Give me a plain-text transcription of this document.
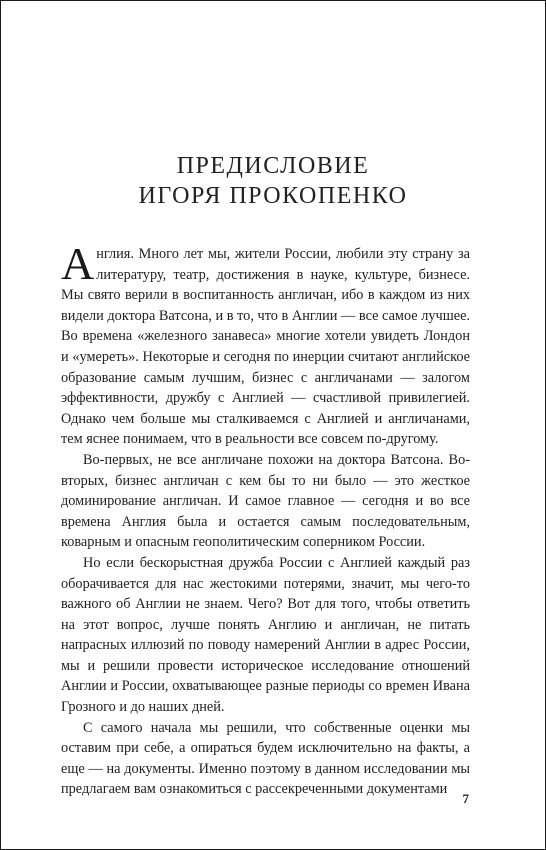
ПРЕДИСЛОВИЕ
ИГОРЯ ПРОКОПЕНКО

Англия. Много лет мы, жители России, любили эту страну за литературу, театр, достижения в науке, культуре, бизнесе. Мы свято верили в воспитанность англичан, ибо в каждом из них видели доктора Ватсона, и в то, что в Англии — все самое лучшее. Во времена «железного занавеса» многие хотели увидеть Лондон и «умереть». Некоторые и сегодня по инерции считают английское образование самым лучшим, бизнес с англичанами — залогом эффективности, дружбу с Англией — счастливой привилегией. Однако чем больше мы сталкиваемся с Англией и англичанами, тем яснее понимаем, что в реальности все совсем по-другому.

Во-первых, не все англичане похожи на доктора Ватсона. Во-вторых, бизнес англичан с кем бы то ни было — это жесткое доминирование англичан. И самое главное — сегодня и во все времена Англия была и остается самым последовательным, коварным и опасным геополитическим соперником России.

Но если бескорыстная дружба России с Англией каждый раз оборачивается для нас жестокими потерями, значит, мы чего-то важного об Англии не знаем. Чего? Вот для того, чтобы ответить на этот вопрос, лучше понять Англию и англичан, не питать напрасных иллюзий по поводу намерений Англии в адрес России, мы и решили провести историческое исследование отношений Англии и России, охватывающее разные периоды со времен Ивана Грозного и до наших дней.

С самого начала мы решили, что собственные оценки мы оставим при себе, а опираться будем исключительно на факты, а еще — на документы. Именно поэтому в данном исследовании мы предлагаем вам ознакомиться с рассекреченными документами

7
